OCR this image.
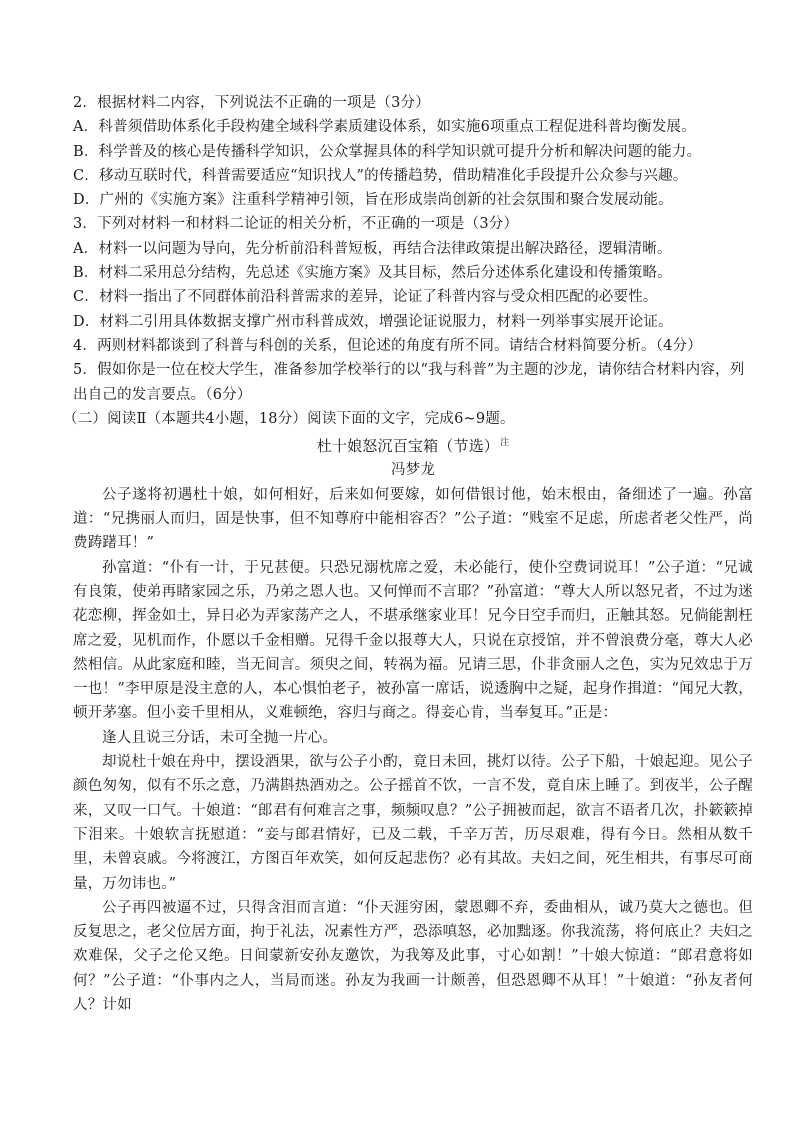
2．根据材料二内容，下列说法不正确的一项是（3分）
A．科普须借助体系化手段构建全域科学素质建设体系，如实施6项重点工程促进科普均衡发展。
B．科学普及的核心是传播科学知识，公众掌握具体的科学知识就可提升分析和解决问题的能力。
C．移动互联时代，科普需要适应“知识找人”的传播趋势，借助精准化手段提升公众参与兴趣。
D．广州的《实施方案》注重科学精神引领，旨在形成崇尚创新的社会氛围和聚合发展动能。
3．下列对材料一和材料二论证的相关分析，不正确的一项是（3分）
A．材料一以问题为导向，先分析前沿科普短板，再结合法律政策提出解决路径，逻辑清晰。
B．材料二采用总分结构，先总述《实施方案》及其目标，然后分述体系化建设和传播策略。
C．材料一指出了不同群体前沿科普需求的差异，论证了科普内容与受众相匹配的必要性。
D．材料二引用具体数据支撑广州市科普成效，增强论证说服力，材料一列举事实展开论证。
4．两则材料都谈到了科普与科创的关系，但论述的角度有所不同。请结合材料简要分析。（4分）
5．假如你是一位在校大学生，准备参加学校举行的以“我与科普”为主题的沙龙，请你结合材料内容，列
出自己的发言要点。（6分）
（二）阅读Ⅱ（本题共4小题，18分）阅读下面的文字，完成6~9题。
杜十娘怒沉百宝箱（节选）$^注$
冯梦龙
公子遂将初遇杜十娘，如何相好，后来如何要嫁，如何借银讨他，始末根由，备细述了一遍。孙富道：“兄携丽人而归，固是快事，但不知尊府中能相容否？”公子道：“贱室不足虑，所虑者老父性严，尚费踌躇耳！”
孙富道：“仆有一计，于兄甚便。只恐兄溺枕席之爱，未必能行，使仆空费词说耳！”公子道：“兄诚有良策，使弟再睹家园之乐，乃弟之恩人也。又何惮而不言耶？”孙富道：“尊大人所以怒兄者，不过为迷花恋柳，挥金如土，异日必为弄家荡产之人，不堪承继家业耳！兄今日空手而归，正触其怒。兄倘能割枉席之爱，见机而作，仆愿以千金相赠。兄得千金以报尊大人，只说在京授馆，并不曾浪费分毫，尊大人必然相信。从此家庭和睦，当无间言。须臾之间，转祸为福。兄请三思，仆非贪丽人之色，实为兄效忠于万一也！”李甲原是没主意的人，本心惧怕老子，被孙富一席话，说透胸中之疑，起身作揖道：“闻兄大教，顿开茅塞。但小妾千里相从，义难顿绝，容归与商之。得妾心肯，当奉复耳。”正是：
逢人且说三分话，未可全抛一片心。
却说杜十娘在舟中，摆设酒果，欲与公子小酌，竟日未回，挑灯以待。公子下船，十娘起迎。见公子颜色匆匆，似有不乐之意，乃满斟热酒劝之。公子摇首不饮，一言不发，竟自床上睡了。到夜半，公子醒来，又叹一口气。十娘道：“郎君有何难言之事，频频叹息？”公子拥被而起，欲言不语者几次，扑簌簌掉下泪来。十娘软言抚慰道：“妾与郎君情好，已及二载，千辛万苦，历尽艰难，得有今日。然相从数千里，未曾哀戚。今将渡江，方图百年欢笑，如何反起悲伤？必有其故。夫妇之间，死生相共，有事尽可商量，万勿讳也。”
公子再四被逼不过，只得含泪而言道：“仆天涯穷困，蒙恩卿不弃，委曲相从，诚乃莫大之德也。但反复思之，老父位居方面，拘于礼法，况素性方严，恐添嗔怒，必加黜逐。你我流荡，将何底止？夫妇之欢难保，父子之伦又绝。日间蒙新安孙友邀饮，为我筹及此事，寸心如割！”十娘大惊道：“郎君意将如何？”公子道：“仆事内之人，当局而迷。孙友为我画一计颇善，但恐恩卿不从耳！”十娘道：“孙友者何人？计如
